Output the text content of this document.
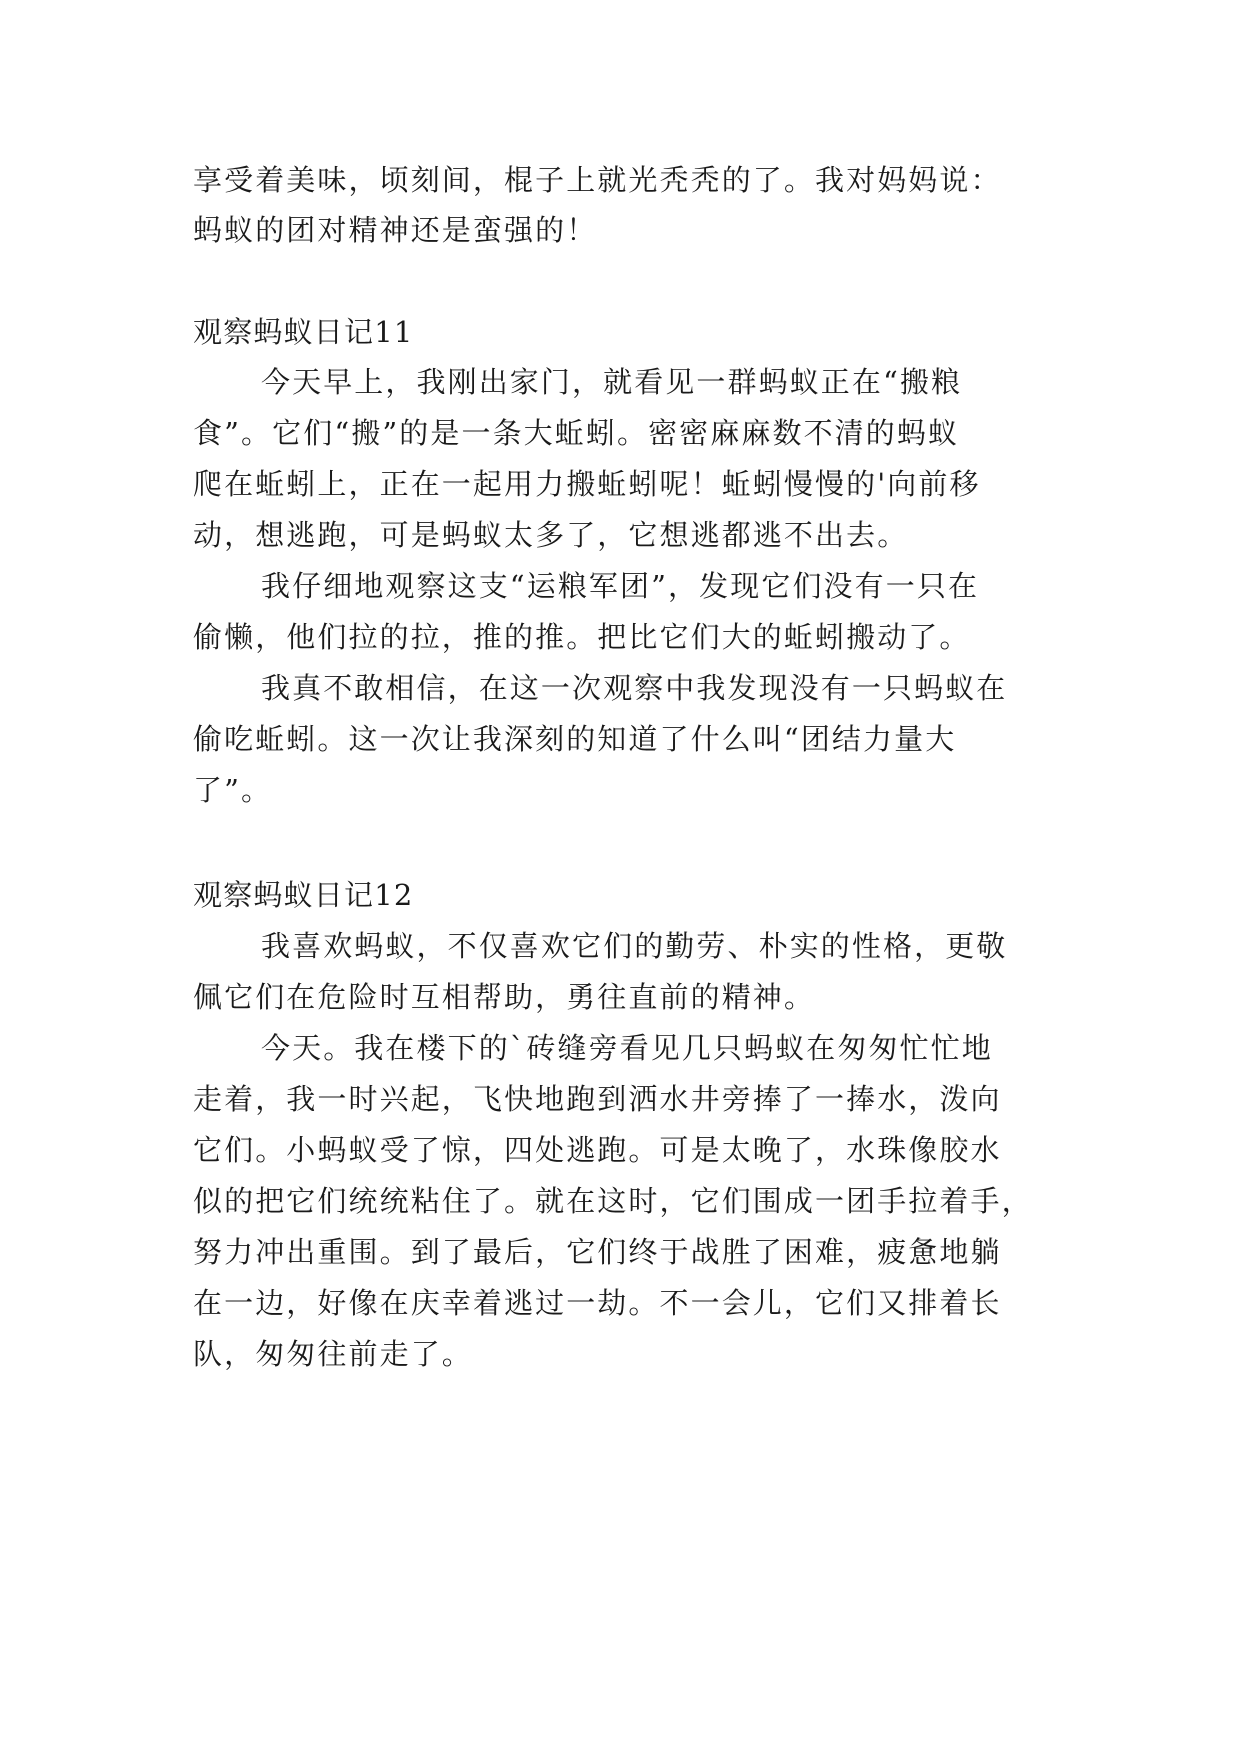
享受着美味，顷刻间，棍子上就光秃秃的了。我对妈妈说：
蚂蚁的团对精神还是蛮强的！
观察蚂蚁日记11
今天早上，我刚出家门，就看见一群蚂蚁正在“搬粮
食”。它们“搬”的是一条大蚯蚓。密密麻麻数不清的蚂蚁
爬在蚯蚓上，正在一起用力搬蚯蚓呢！蚯蚓慢慢的'向前移
动，想逃跑，可是蚂蚁太多了，它想逃都逃不出去。
我仔细地观察这支“运粮军团”，发现它们没有一只在
偷懒，他们拉的拉，推的推。把比它们大的蚯蚓搬动了。
我真不敢相信，在这一次观察中我发现没有一只蚂蚁在
偷吃蚯蚓。这一次让我深刻的知道了什么叫“团结力量大
了”。
观察蚂蚁日记12
我喜欢蚂蚁，不仅喜欢它们的勤劳、朴实的性格，更敬
佩它们在危险时互相帮助，勇往直前的精神。
今天。我在楼下的`砖缝旁看见几只蚂蚁在匆匆忙忙地
走着，我一时兴起，飞快地跑到洒水井旁捧了一捧水，泼向
它们。小蚂蚁受了惊，四处逃跑。可是太晚了，水珠像胶水
似的把它们统统粘住了。就在这时，它们围成一团手拉着手，
努力冲出重围。到了最后，它们终于战胜了困难，疲惫地躺
在一边，好像在庆幸着逃过一劫。不一会儿，它们又排着长
队，匆匆往前走了。
